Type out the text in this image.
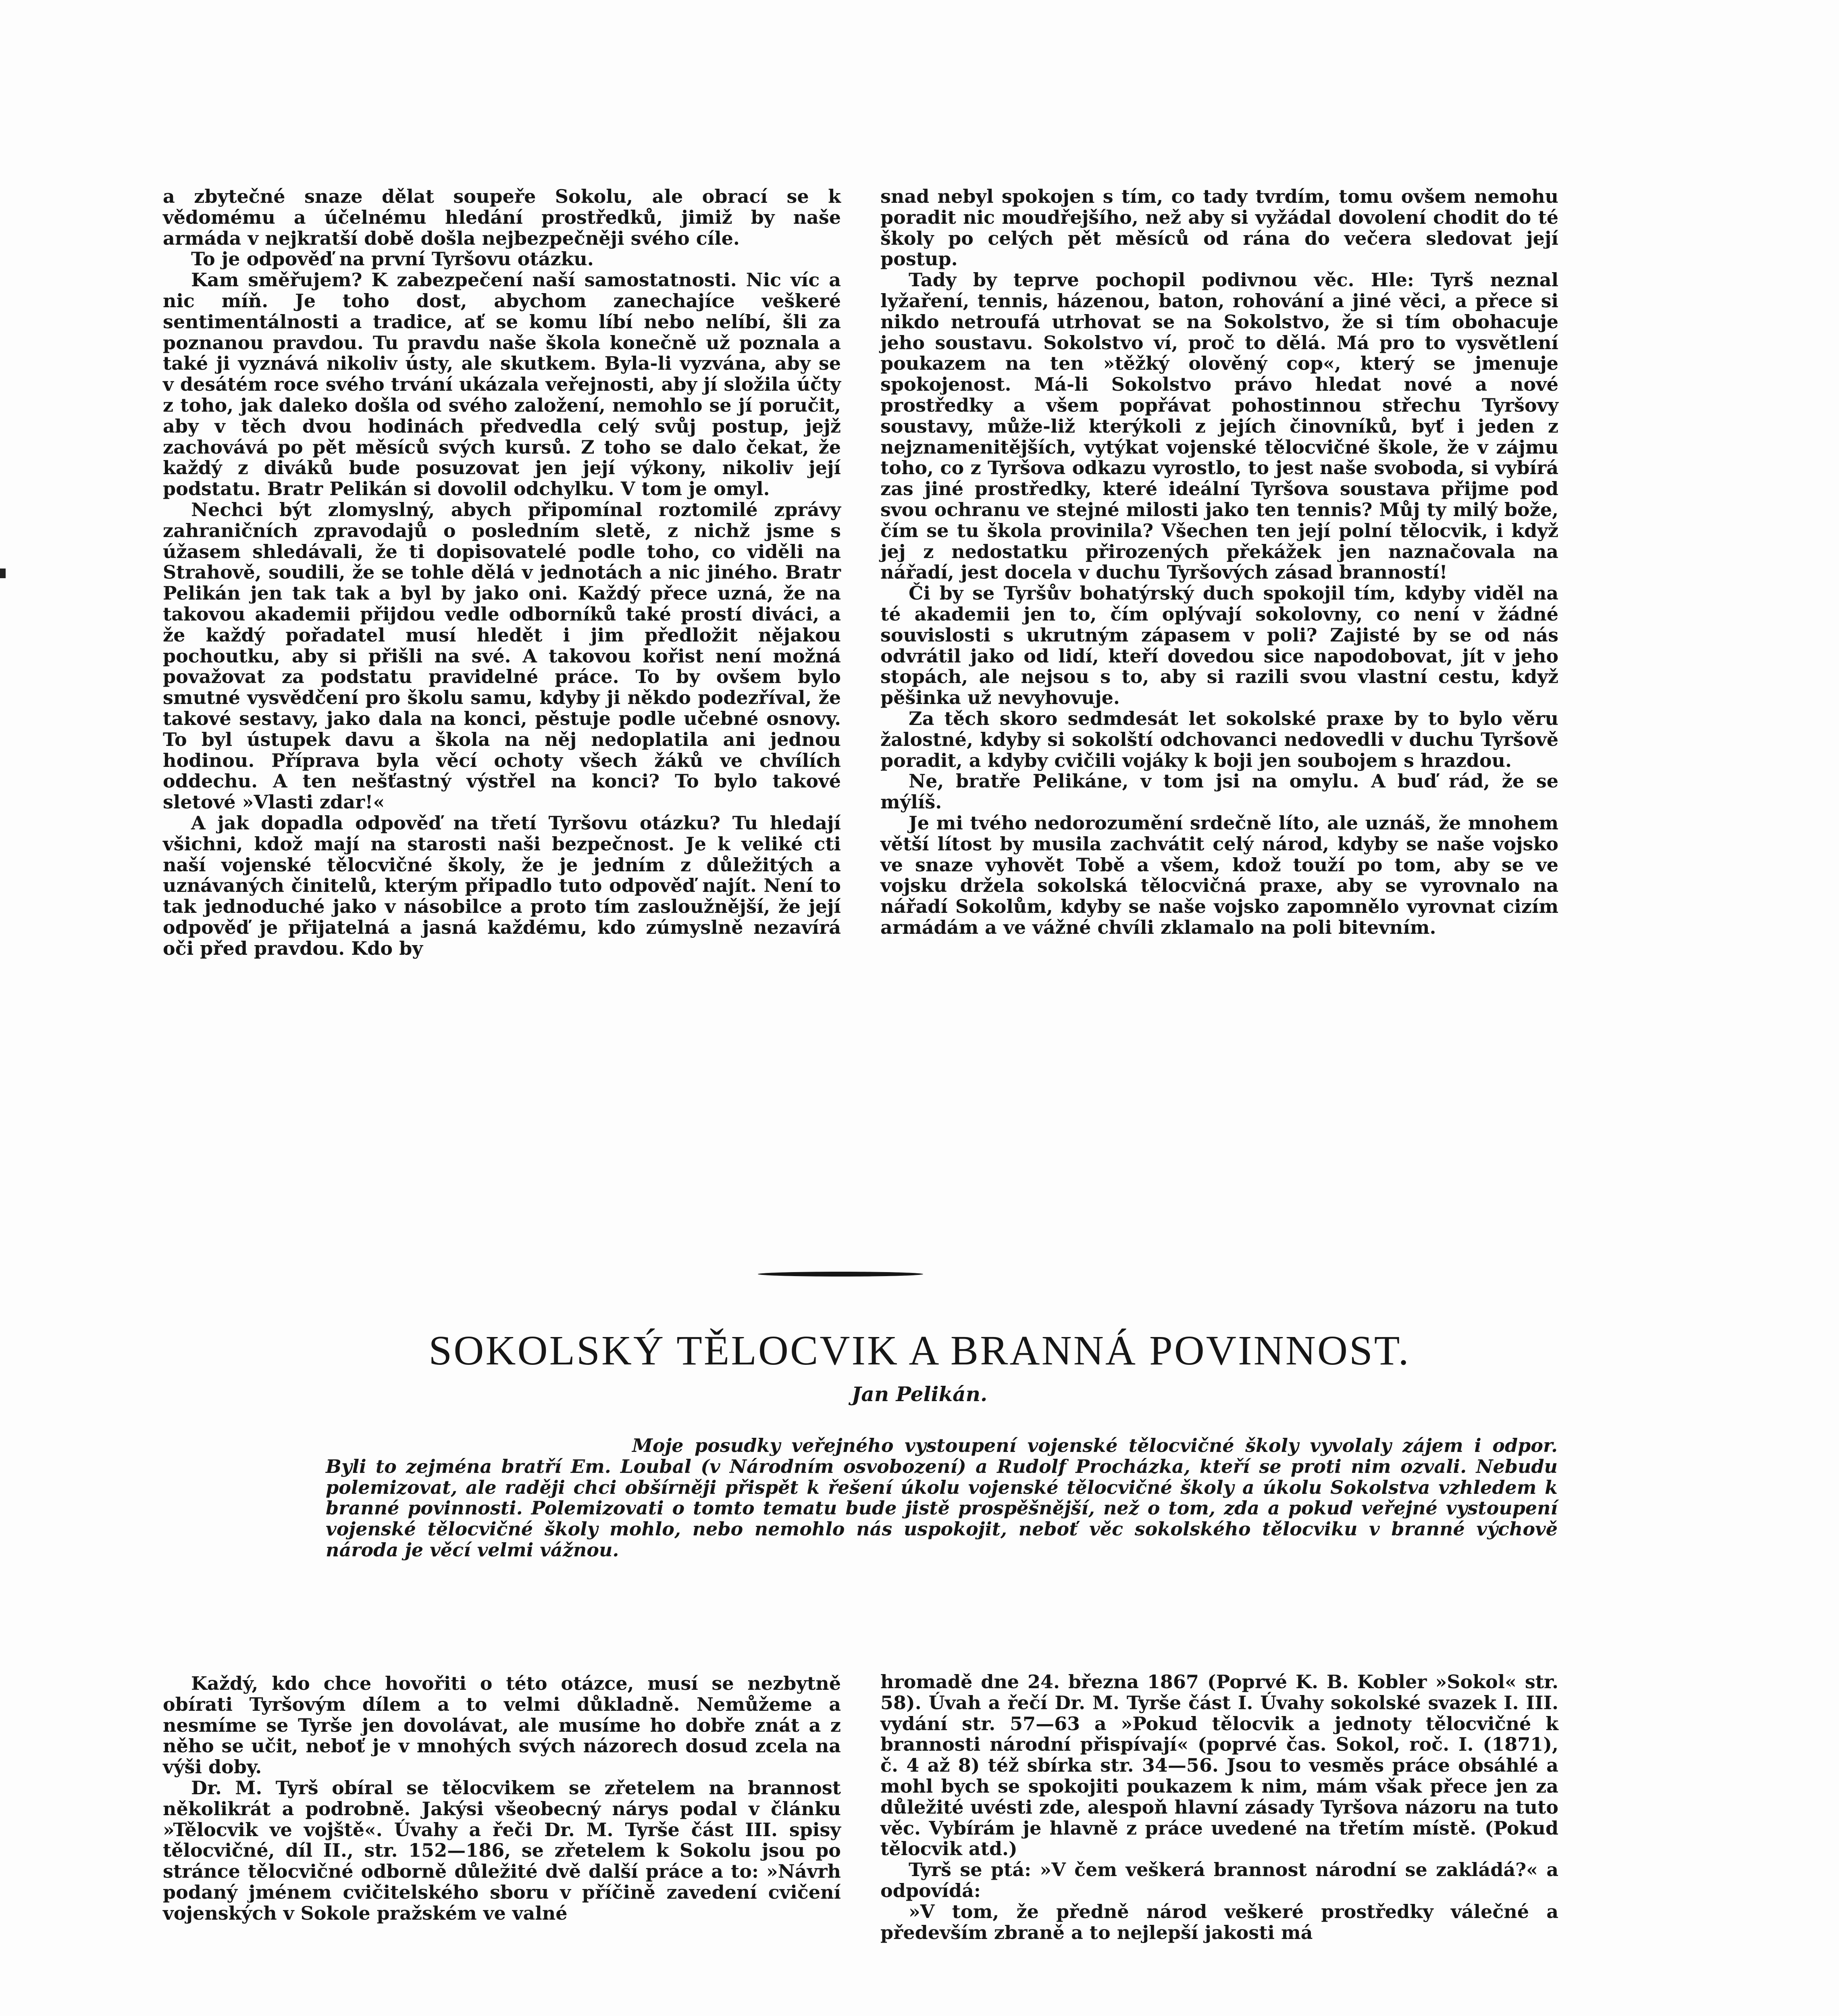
a zbytečné snaze dělat soupeře Sokolu, ale obrací se k vědomému a účelnému hledání prostředků, jimiž by naše armáda v nejkratší době došla nejbezpečněji svého cíle.

To je odpověď na první Tyršovu otázku.

Kam směřujem? K zabezpečení naší samostatnosti. Nic víc a nic míň. Je toho dost, abychom zanechajíce veškeré sentimentálnosti a tradice, ať se komu líbí nebo nelíbí, šli za poznanou pravdou. Tu pravdu naše škola konečně už poznala a také ji vyznává nikoliv ústy, ale skutkem. Byla-li vyzvána, aby se v desátém roce svého trvání ukázala veřejnosti, aby jí složila účty z toho, jak daleko došla od svého založení, nemohlo se jí poručit, aby v těch dvou hodinách předvedla celý svůj postup, jejž zachovává po pět měsíců svých kursů. Z toho se dalo čekat, že každý z diváků bude posuzovat jen její výkony, nikoliv její podstatu. Bratr Pelikán si dovolil odchylku. V tom je omyl.

Nechci být zlomyslný, abych připomínal roztomilé zprávy zahraničních zpravodajů o posledním sletě, z nichž jsme s úžasem shledávali, že ti dopisovatelé podle toho, co viděli na Strahově, soudili, že se tohle dělá v jednotách a nic jiného. Bratr Pelikán jen tak tak a byl by jako oni. Každý přece uzná, že na takovou akademii přijdou vedle odborníků také prostí diváci, a že každý pořadatel musí hledět i jim předložit nějakou pochoutku, aby si přišli na své. A takovou kořist není možná považovat za podstatu pravidelné práce. To by ovšem bylo smutné vysvědčení pro školu samu, kdyby ji někdo podezříval, že takové sestavy, jako dala na konci, pěstuje podle učebné osnovy. To byl ústupek davu a škola na něj nedoplatila ani jednou hodinou. Příprava byla věcí ochoty všech žáků ve chvílích oddechu. A ten nešťastný výstřel na konci? To bylo takové sletové »Vlasti zdar!«

A jak dopadla odpověď na třetí Tyršovu otázku? Tu hledají všichni, kdož mají na starosti naši bezpečnost. Je k veliké cti naší vojenské tělocvičné školy, že je jedním z důležitých a uznávaných činitelů, kterým připadlo tuto odpověď najít. Není to tak jednoduché jako v násobilce a proto tím zasloužnější, že její odpověď je přijatelná a jasná každému, kdo zúmyslně nezavírá oči před pravdou. Kdo by

snad nebyl spokojen s tím, co tady tvrdím, tomu ovšem nemohu poradit nic moudřejšího, než aby si vyžádal dovolení chodit do té školy po celých pět měsíců od rána do večera sledovat její postup.

Tady by teprve pochopil podivnou věc. Hle: Tyrš neznal lyžaření, tennis, házenou, baton, rohování a jiné věci, a přece si nikdo netroufá utrhovat se na Sokolstvo, že si tím obohacuje jeho soustavu. Sokolstvo ví, proč to dělá. Má pro to vysvětlení poukazem na ten »těžký olověný cop«, který se jmenuje spokojenost. Má-li Sokolstvo právo hledat nové a nové prostředky a všem popřávat pohostinnou střechu Tyršovy soustavy, může-liž kterýkoli z jejích činovníků, byť i jeden z nejznamenitějších, vytýkat vojenské tělocvičné škole, že v zájmu toho, co z Tyršova odkazu vyrostlo, to jest naše svoboda, si vybírá zas jiné prostředky, které ideální Tyršova soustava přijme pod svou ochranu ve stejné milosti jako ten tennis? Můj ty milý bože, čím se tu škola provinila? Všechen ten její polní tělocvik, i když jej z nedostatku přirozených překážek jen naznačovala na nářadí, jest docela v duchu Tyršových zásad branností!

Či by se Tyršův bohatýrský duch spokojil tím, kdyby viděl na té akademii jen to, čím oplývají sokolovny, co není v žádné souvislosti s ukrutným zápasem v poli? Zajisté by se od nás odvrátil jako od lidí, kteří dovedou sice napodobovat, jít v jeho stopách, ale nejsou s to, aby si razili svou vlastní cestu, když pěšinka už nevyhovuje.

Za těch skoro sedmdesát let sokolské praxe by to bylo věru žalostné, kdyby si sokolští odchovanci nedovedli v duchu Tyršově poradit, a kdyby cvičili vojáky k boji jen soubojem s hrazdou.

Ne, bratře Pelikáne, v tom jsi na omylu. A buď rád, že se mýlíš.

Je mi tvého nedorozumění srdečně líto, ale uznáš, že mnohem větší lítost by musila zachvátit celý národ, kdyby se naše vojsko ve snaze vyhovět Tobě a všem, kdož touží po tom, aby se ve vojsku držela sokolská tělocvičná praxe, aby se vyrovnalo na nářadí Sokolům, kdyby se naše vojsko zapomnělo vyrovnat cizím armádám a ve vážné chvíli zklamalo na poli bitevním.

SOKOLSKÝ TĚLOCVIK A BRANNÁ POVINNOST.
Jan Pelikán.
Moje posudky veřejného vystoupení vojenské tělocvičné školy vyvolaly zájem i odpor. Byli to zejména bratří Em. Loubal (v Národním osvobození) a Rudolf Procházka, kteří se proti nim ozvali. Nebudu polemizovat, ale raději chci obšírněji přispět k řešení úkolu vojenské tělocvičné školy a úkolu Sokolstva vzhledem k branné povinnosti. Polemizovati o tomto tematu bude jistě prospěšnější, než o tom, zda a pokud veřejné vystoupení vojenské tělocvičné školy mohlo, nebo nemohlo nás uspokojit, neboť věc sokolského tělocviku v branné výchově národa je věcí velmi vážnou.

Každý, kdo chce hovořiti o této otázce, musí se nezbytně obírati Tyršovým dílem a to velmi důkladně. Nemůžeme a nesmíme se Tyrše jen dovolávat, ale musíme ho dobře znát a z něho se učit, neboť je v mnohých svých názorech dosud zcela na výši doby.

Dr. M. Tyrš obíral se tělocvikem se zřetelem na brannost několikrát a podrobně. Jakýsi všeobecný nárys podal v článku »Tělocvik ve vojště«. Úvahy a řeči Dr. M. Tyrše část III. spisy tělocvičné, díl II., str. 152—186, se zřetelem k Sokolu jsou po stránce tělocvičné odborně důležité dvě další práce a to: »Návrh podaný jménem cvičitelského sboru v příčině zavedení cvičení vojenských v Sokole pražském ve valné

hromadě dne 24. března 1867 (Poprvé K. B. Kobler »Sokol« str. 58). Úvah a řečí Dr. M. Tyrše část I. Úvahy sokolské svazek I. III. vydání str. 57—63 a »Pokud tělocvik a jednoty tělocvičné k brannosti národní přispívají« (poprvé čas. Sokol, roč. I. (1871), č. 4 až 8) též sbírka str. 34—56. Jsou to vesměs práce obsáhlé a mohl bych se spokojiti poukazem k nim, mám však přece jen za důležité uvésti zde, alespoň hlavní zásady Tyršova názoru na tuto věc. Vybírám je hlavně z práce uvedené na třetím místě. (Pokud tělocvik atd.)

Tyrš se ptá: »V čem veškerá brannost národní se zakládá?« a odpovídá:

»V tom, že předně národ veškeré prostředky válečné a především zbraně a to nejlepší jakosti má
